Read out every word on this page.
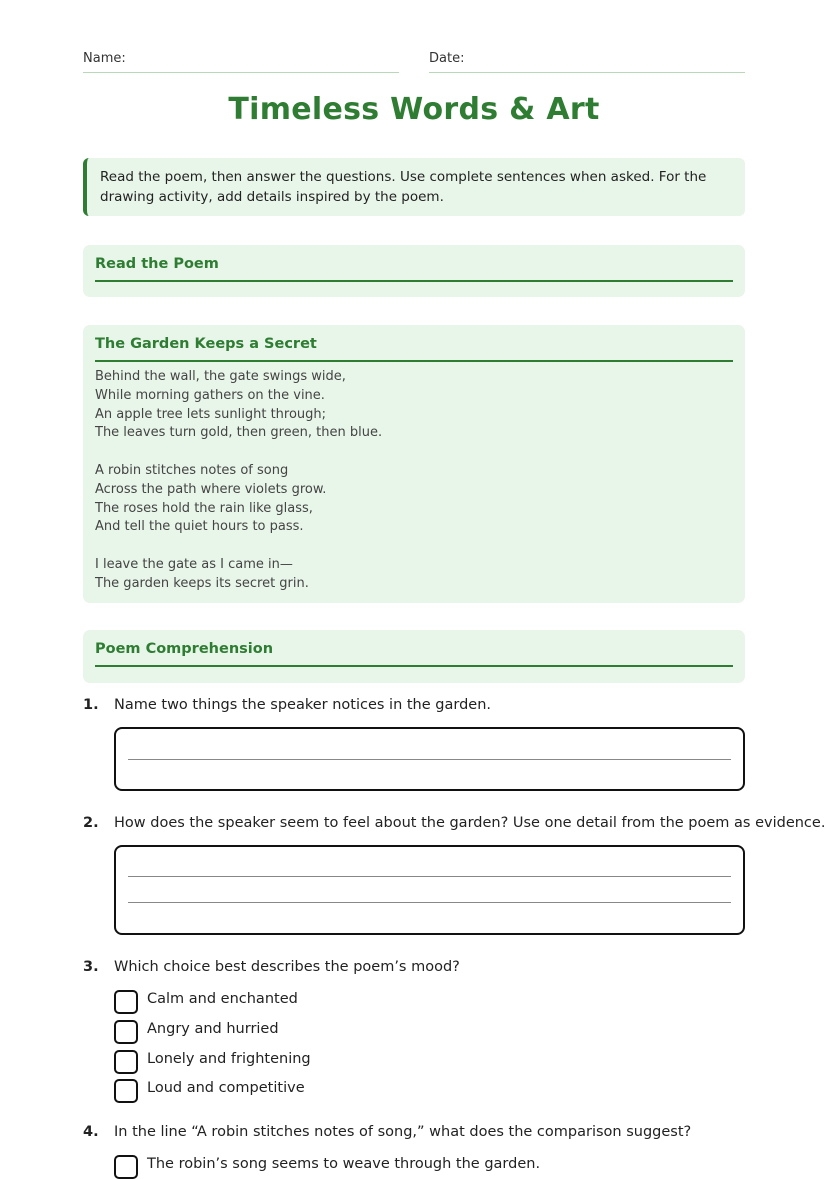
Name:	Date:
Timeless Words & Art
Read the poem, then answer the questions. Use complete sentences when asked. For the drawing activity, add details inspired by the poem.
Read the Poem
The Garden Keeps a Secret
Behind the wall, the gate swings wide,
While morning gathers on the vine.
An apple tree lets sunlight through;
The leaves turn gold, then green, then blue.
A robin stitches notes of song
Across the path where violets grow.
The roses hold the rain like glass,
And tell the quiet hours to pass.
I leave the gate as I came in—
The garden keeps its secret grin.
Poem Comprehension
1. Name two things the speaker notices in the garden.
2. How does the speaker seem to feel about the garden? Use one detail from the poem as evidence.
3. Which choice best describes the poem’s mood?
Calm and enchanted
Angry and hurried
Lonely and frightening
Loud and competitive
4. In the line “A robin stitches notes of song,” what does the comparison suggest?
The robin’s song seems to weave through the garden.
